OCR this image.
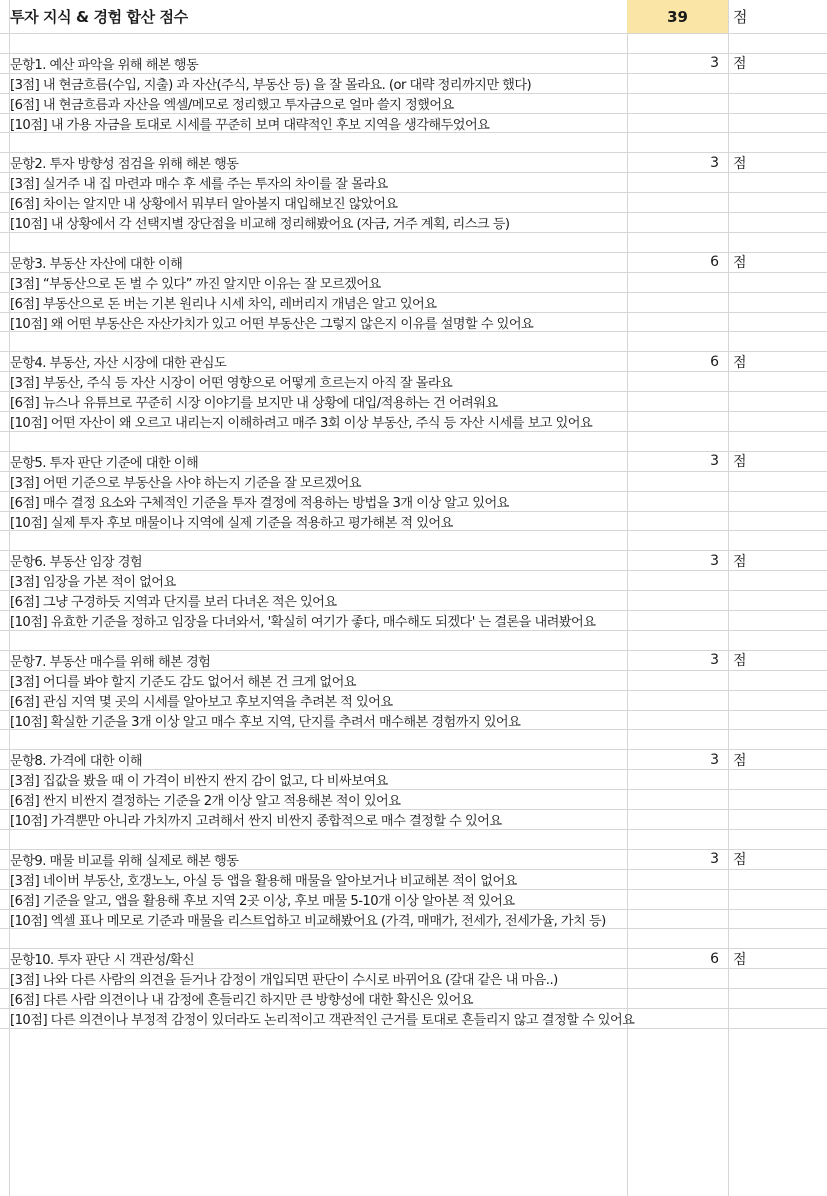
투자 지식 & 경험 합산 점수	39	점
문항1. 예산 파악을 위해 해본 행동	3 점
[3점] 내 현금흐름(수입, 지출) 과 자산(주식, 부동산 등) 을 잘 몰라요. (or 대략 정리까지만 했다)
[6점] 내 현금흐름과 자산을 엑셀/메모로 정리했고 투자금으로 얼마 쓸지 정했어요
[10점] 내 가용 자금을 토대로 시세를 꾸준히 보며 대략적인 후보 지역을 생각해두었어요
문항2. 투자 방향성 점검을 위해 해본 행동	3 점
[3점] 실거주 내 집 마련과 매수 후 세를 주는 투자의 차이를 잘 몰라요
[6점] 차이는 알지만 내 상황에서 뭐부터 알아볼지 대입해보진 않았어요
[10점] 내 상황에서 각 선택지별 장단점을 비교해 정리해봤어요 (자금, 거주 계획, 리스크 등)
문항3. 부동산 자산에 대한 이해	6 점
[3점] “부동산으로 돈 벌 수 있다” 까진 알지만 이유는 잘 모르겠어요
[6점] 부동산으로 돈 버는 기본 원리나 시세 차익, 레버리지 개념은 알고 있어요
[10점] 왜 어떤 부동산은 자산가치가 있고 어떤 부동산은 그렇지 않은지 이유를 설명할 수 있어요
문항4. 부동산, 자산 시장에 대한 관심도	6 점
[3점] 부동산, 주식 등 자산 시장이 어떤 영향으로 어떻게 흐르는지 아직 잘 몰라요
[6점] 뉴스나 유튜브로 꾸준히 시장 이야기를 보지만 내 상황에 대입/적용하는 건 어려워요
[10점] 어떤 자산이 왜 오르고 내리는지 이해하려고 매주 3회 이상 부동산, 주식 등 자산 시세를 보고 있어요
문항5. 투자 판단 기준에 대한 이해	3 점
[3점] 어떤 기준으로 부동산을 사야 하는지 기준을 잘 모르겠어요
[6점] 매수 결정 요소와 구체적인 기준을 투자 결정에 적용하는 방법을 3개 이상 알고 있어요
[10점] 실제 투자 후보 매물이나 지역에 실제 기준을 적용하고 평가해본 적 있어요
문항6. 부동산 임장 경험	3 점
[3점] 임장을 가본 적이 없어요
[6점] 그냥 구경하듯 지역과 단지를 보러 다녀온 적은 있어요
[10점] 유효한 기준을 정하고 임장을 다녀와서, '확실히 여기가 좋다, 매수해도 되겠다' 는 결론을 내려봤어요
문항7. 부동산 매수를 위해 해본 경험	3 점
[3점] 어디를 봐야 할지 기준도 감도 없어서 해본 건 크게 없어요
[6점] 관심 지역 몇 곳의 시세를 알아보고 후보지역을 추려본 적 있어요
[10점] 확실한 기준을 3개 이상 알고 매수 후보 지역, 단지를 추려서 매수해본 경험까지 있어요
문항8. 가격에 대한 이해	3 점
[3점] 집값을 봤을 때 이 가격이 비싼지 싼지 감이 없고, 다 비싸보여요
[6점] 싼지 비싼지 결정하는 기준을 2개 이상 알고 적용해본 적이 있어요
[10점] 가격뿐만 아니라 가치까지 고려해서 싼지 비싼지 종합적으로 매수 결정할 수 있어요
문항9. 매물 비교를 위해 실제로 해본 행동	3 점
[3점] 네이버 부동산, 호갱노노, 아실 등 앱을 활용해 매물을 알아보거나 비교해본 적이 없어요
[6점] 기준을 알고, 앱을 활용해 후보 지역 2곳 이상, 후보 매물 5-10개 이상 알아본 적 있어요
[10점] 엑셀 표나 메모로 기준과 매물을 리스트업하고 비교해봤어요 (가격, 매매가, 전세가, 전세가율, 가치 등)
문항10. 투자 판단 시 객관성/확신	6 점
[3점] 나와 다른 사람의 의견을 듣거나 감정이 개입되면 판단이 수시로 바뀌어요 (갈대 같은 내 마음..)
[6점] 다른 사람 의견이나 내 감정에 흔들리긴 하지만 큰 방향성에 대한 확신은 있어요
[10점] 다른 의견이나 부정적 감정이 있더라도 논리적이고 객관적인 근거를 토대로 흔들리지 않고 결정할 수 있어요
